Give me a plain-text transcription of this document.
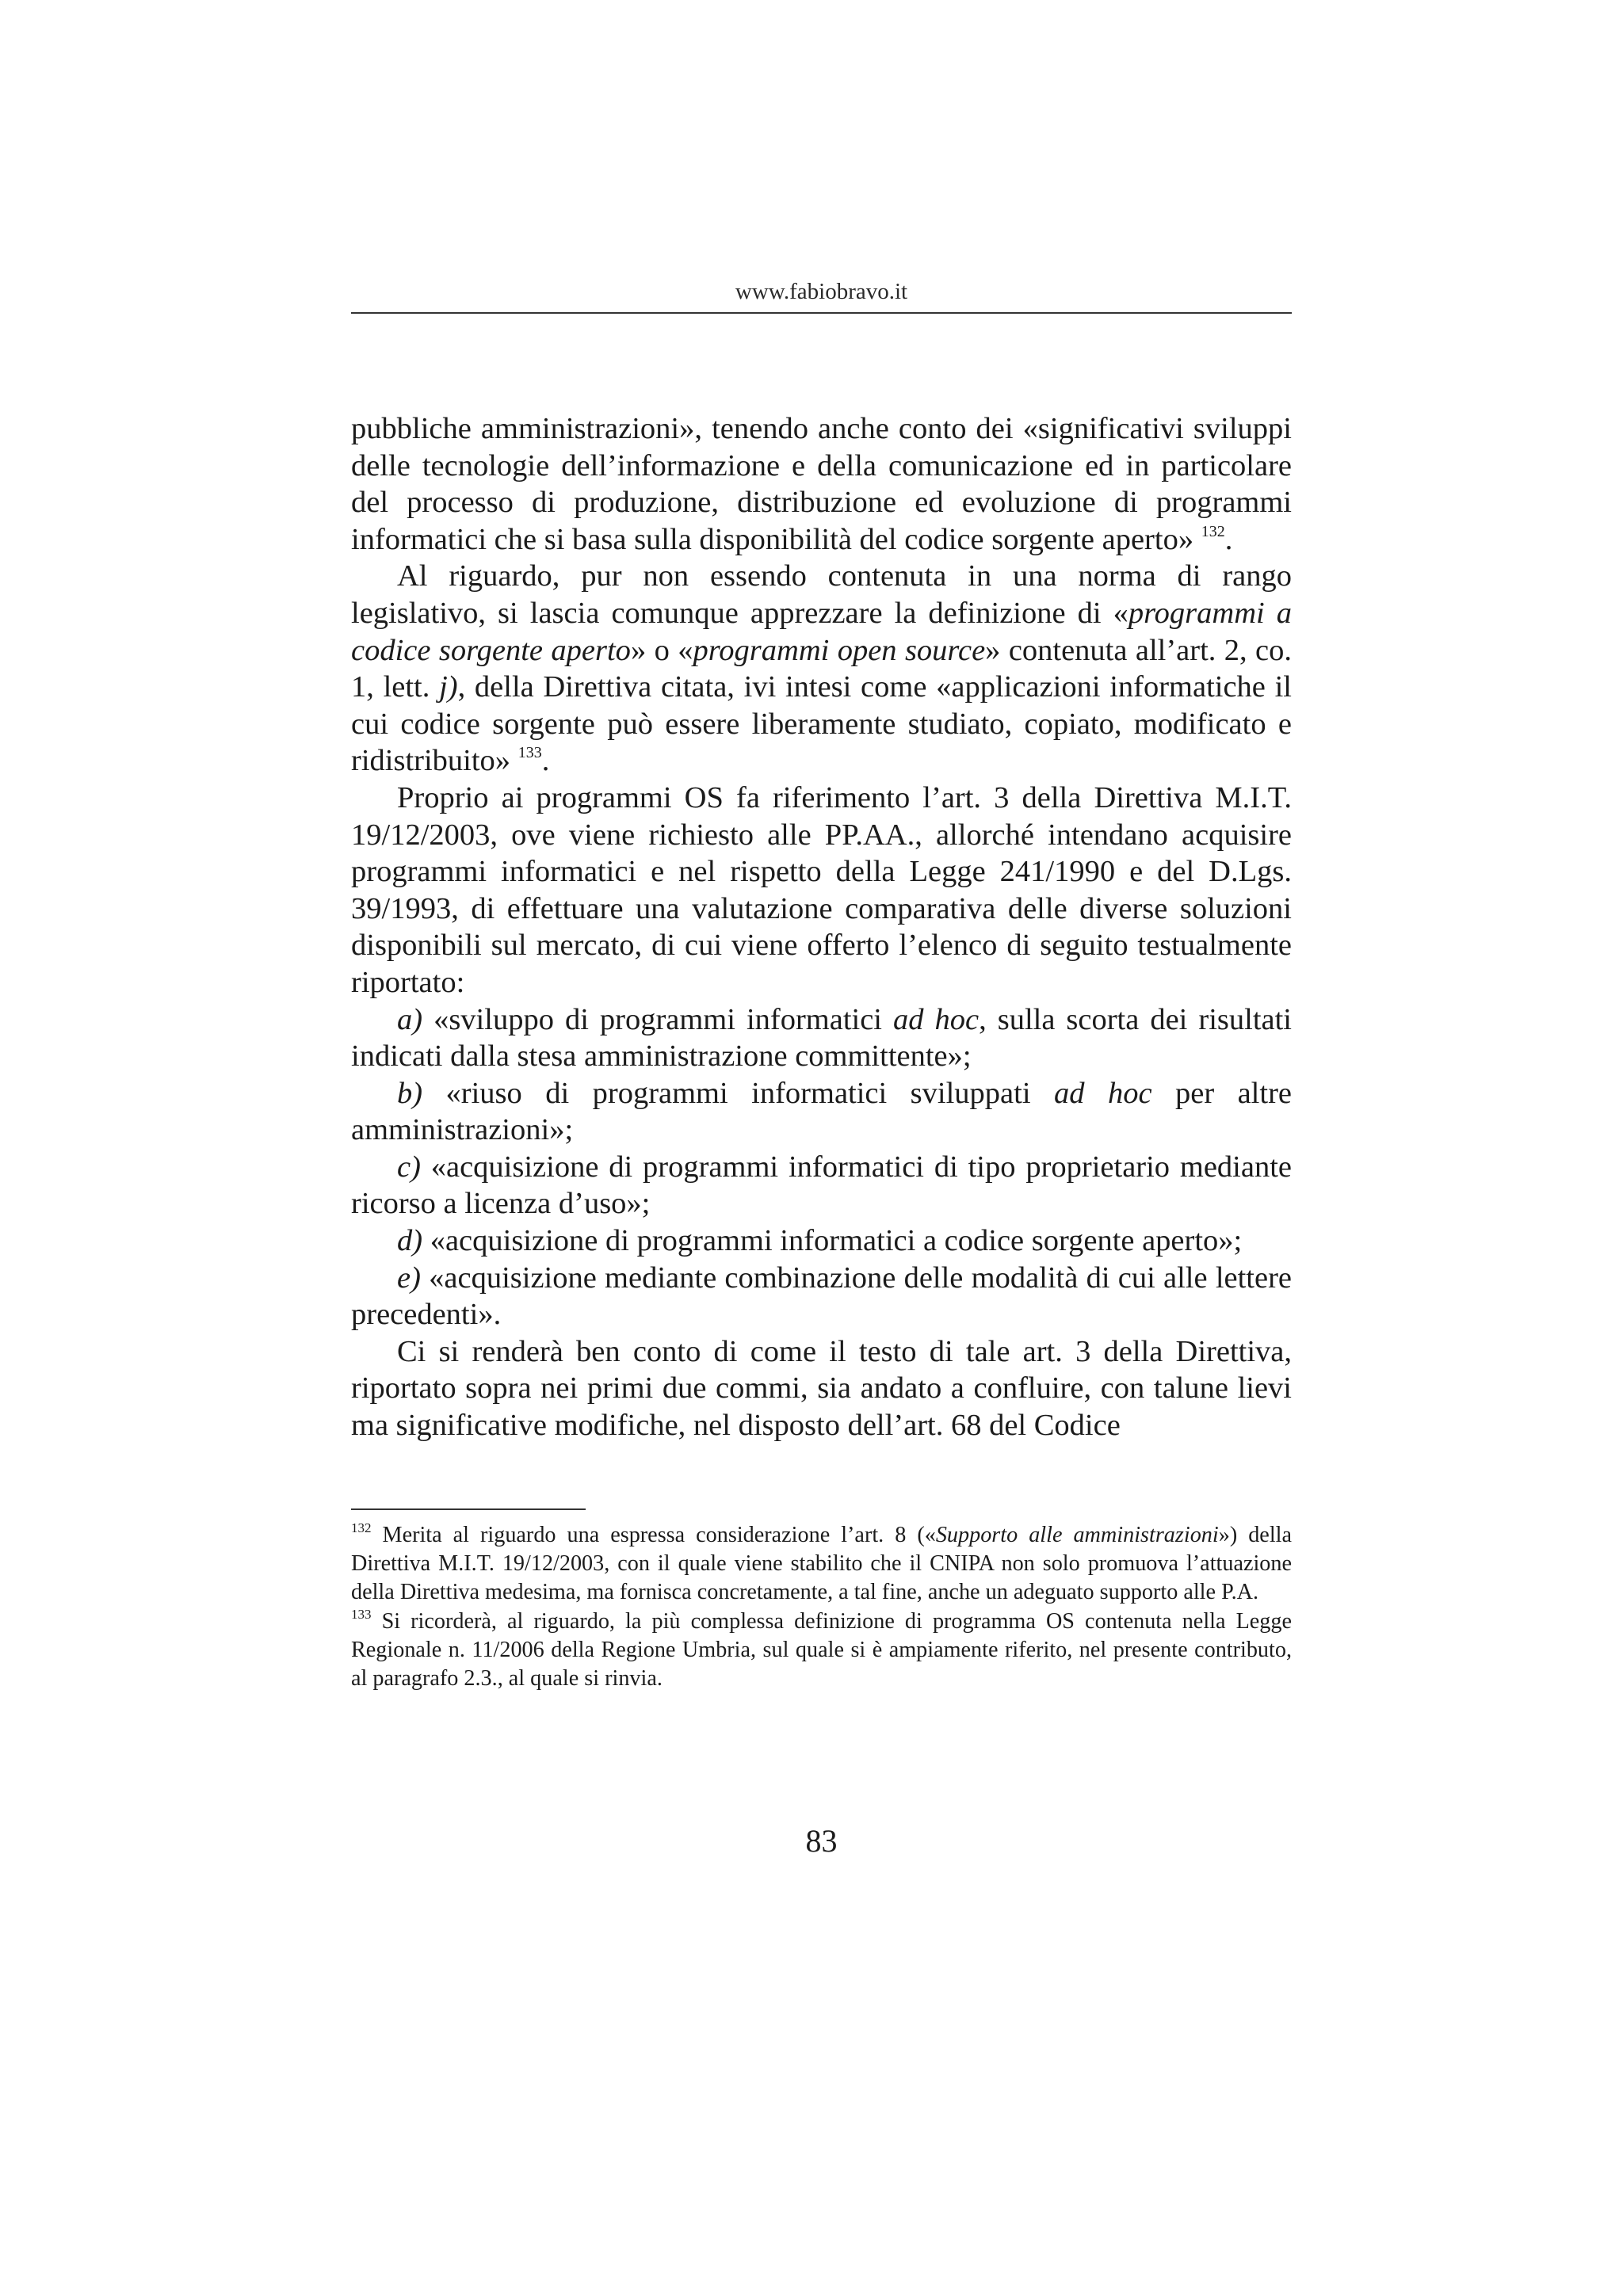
www.fabiobravo.it

pubbliche amministrazioni», tenendo anche conto dei «significativi sviluppi delle tecnologie dell’informazione e della comunicazione ed in particolare del processo di produzione, distribuzione ed evoluzione di programmi informatici che si basa sulla disponibilità del codice sorgente aperto» $^{132}$.

Al riguardo, pur non essendo contenuta in una norma di rango legislativo, si lascia comunque apprezzare la definizione di «programmi a codice sorgente aperto» o «programmi open source» contenuta all’art. 2, co. 1, lett. j), della Direttiva citata, ivi intesi come «applicazioni informatiche il cui codice sorgente può essere liberamente studiato, copiato, modificato e ridistribuito» $^{133}$.

Proprio ai programmi OS fa riferimento l’art. 3 della Direttiva M.I.T. 19/12/2003, ove viene richiesto alle PP.AA., allorché intendano acquisire programmi informatici e nel rispetto della Legge 241/1990 e del D.Lgs. 39/1993, di effettuare una valutazione comparativa delle diverse soluzioni disponibili sul mercato, di cui viene offerto l’elenco di seguito testualmente riportato:

a) «sviluppo di programmi informatici ad hoc, sulla scorta dei risultati indicati dalla stesa amministrazione committente»;

b) «riuso di programmi informatici sviluppati ad hoc per altre amministrazioni»;

c) «acquisizione di programmi informatici di tipo proprietario mediante ricorso a licenza d’uso»;

d) «acquisizione di programmi informatici a codice sorgente aperto»;

e) «acquisizione mediante combinazione delle modalità di cui alle lettere precedenti».

Ci si renderà ben conto di come il testo di tale art. 3 della Direttiva, riportato sopra nei primi due commi, sia andato a confluire, con talune lievi ma significative modifiche, nel disposto dell’art. 68 del Codice

$^{132}$ Merita al riguardo una espressa considerazione l’art. 8 («Supporto alle amministrazioni») della Direttiva M.I.T. 19/12/2003, con il quale viene stabilito che il CNIPA non solo promuova l’attuazione della Direttiva medesima, ma fornisca concretamente, a tal fine, anche un adeguato supporto alle P.A.

$^{133}$ Si ricorderà, al riguardo, la più complessa definizione di programma OS contenuta nella Legge Regionale n. 11/2006 della Regione Umbria, sul quale si è ampiamente riferito, nel presente contributo, al paragrafo 2.3., al quale si rinvia.

83
